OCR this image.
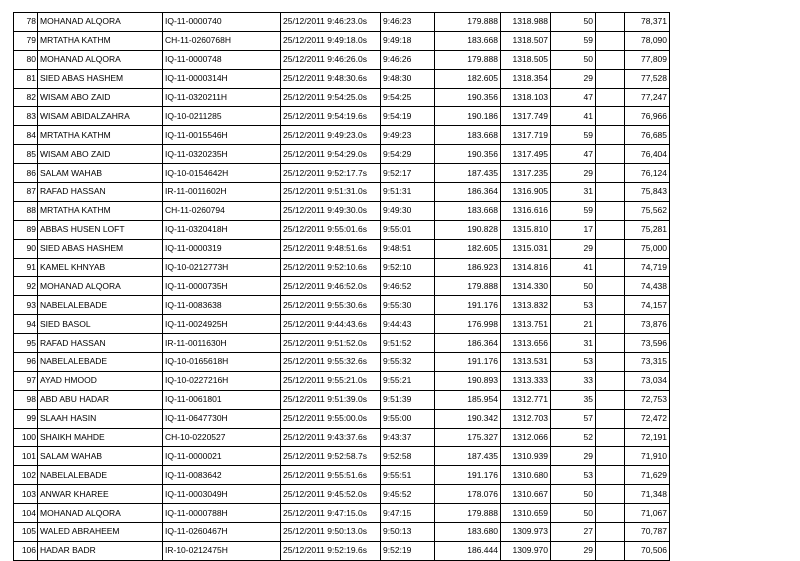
78	MOHANAD ALQORA	IQ-11-0000740	25/12/2011 9:46:23.0s	9:46:23	179.888	1318.988	50		78,371
79	MRTATHA KATHM	CH-11-0260768H	25/12/2011 9:49:18.0s	9:49:18	183.668	1318.507	59		78,090
80	MOHANAD ALQORA	IQ-11-0000748	25/12/2011 9:46:26.0s	9:46:26	179.888	1318.505	50		77,809
81	SIED ABAS HASHEM	IQ-11-0000314H	25/12/2011 9:48:30.6s	9:48:30	182.605	1318.354	29		77,528
82	WISAM ABO ZAID	IQ-11-0320211H	25/12/2011 9:54:25.0s	9:54:25	190.356	1318.103	47		77,247
83	WISAM ABIDALZAHRA	IQ-10-0211285	25/12/2011 9:54:19.6s	9:54:19	190.186	1317.749	41		76,966
84	MRTATHA KATHM	IQ-11-0015546H	25/12/2011 9:49:23.0s	9:49:23	183.668	1317.719	59		76,685
85	WISAM ABO ZAID	IQ-11-0320235H	25/12/2011 9:54:29.0s	9:54:29	190.356	1317.495	47		76,404
86	SALAM WAHAB	IQ-10-0154642H	25/12/2011 9:52:17.7s	9:52:17	187.435	1317.235	29		76,124
87	RAFAD HASSAN	IR-11-0011602H	25/12/2011 9:51:31.0s	9:51:31	186.364	1316.905	31		75,843
88	MRTATHA KATHM	CH-11-0260794	25/12/2011 9:49:30.0s	9:49:30	183.668	1316.616	59		75,562
89	ABBAS HUSEN LOFT	IQ-11-0320418H	25/12/2011 9:55:01.6s	9:55:01	190.828	1315.810	17		75,281
90	SIED ABAS HASHEM	IQ-11-0000319	25/12/2011 9:48:51.6s	9:48:51	182.605	1315.031	29		75,000
91	KAMEL KHNYAB	IQ-10-0212773H	25/12/2011 9:52:10.6s	9:52:10	186.923	1314.816	41		74,719
92	MOHANAD ALQORA	IQ-11-0000735H	25/12/2011 9:46:52.0s	9:46:52	179.888	1314.330	50		74,438
93	NABELALEBADE	IQ-11-0083638	25/12/2011 9:55:30.6s	9:55:30	191.176	1313.832	53		74,157
94	SIED BASOL	IQ-11-0024925H	25/12/2011 9:44:43.6s	9:44:43	176.998	1313.751	21		73,876
95	RAFAD HASSAN	IR-11-0011630H	25/12/2011 9:51:52.0s	9:51:52	186.364	1313.656	31		73,596
96	NABELALEBADE	IQ-10-0165618H	25/12/2011 9:55:32.6s	9:55:32	191.176	1313.531	53		73,315
97	AYAD HMOOD	IQ-10-0227216H	25/12/2011 9:55:21.0s	9:55:21	190.893	1313.333	33		73,034
98	ABD ABU HADAR	IQ-11-0061801	25/12/2011 9:51:39.0s	9:51:39	185.954	1312.771	35		72,753
99	SLAAH HASIN	IQ-11-0647730H	25/12/2011 9:55:00.0s	9:55:00	190.342	1312.703	57		72,472
100	SHAIKH MAHDE	CH-10-0220527	25/12/2011 9:43:37.6s	9:43:37	175.327	1312.066	52		72,191
101	SALAM WAHAB	IQ-11-0000021	25/12/2011 9:52:58.7s	9:52:58	187.435	1310.939	29		71,910
102	NABELALEBADE	IQ-11-0083642	25/12/2011 9:55:51.6s	9:55:51	191.176	1310.680	53		71,629
103	ANWAR KHAREE	IQ-11-0003049H	25/12/2011 9:45:52.0s	9:45:52	178.076	1310.667	50		71,348
104	MOHANAD ALQORA	IQ-11-0000788H	25/12/2011 9:47:15.0s	9:47:15	179.888	1310.659	50		71,067
105	WALED ABRAHEEM	IQ-11-0260467H	25/12/2011 9:50:13.0s	9:50:13	183.680	1309.973	27		70,787
106	HADAR BADR	IR-10-0212475H	25/12/2011 9:52:19.6s	9:52:19	186.444	1309.970	29		70,506
